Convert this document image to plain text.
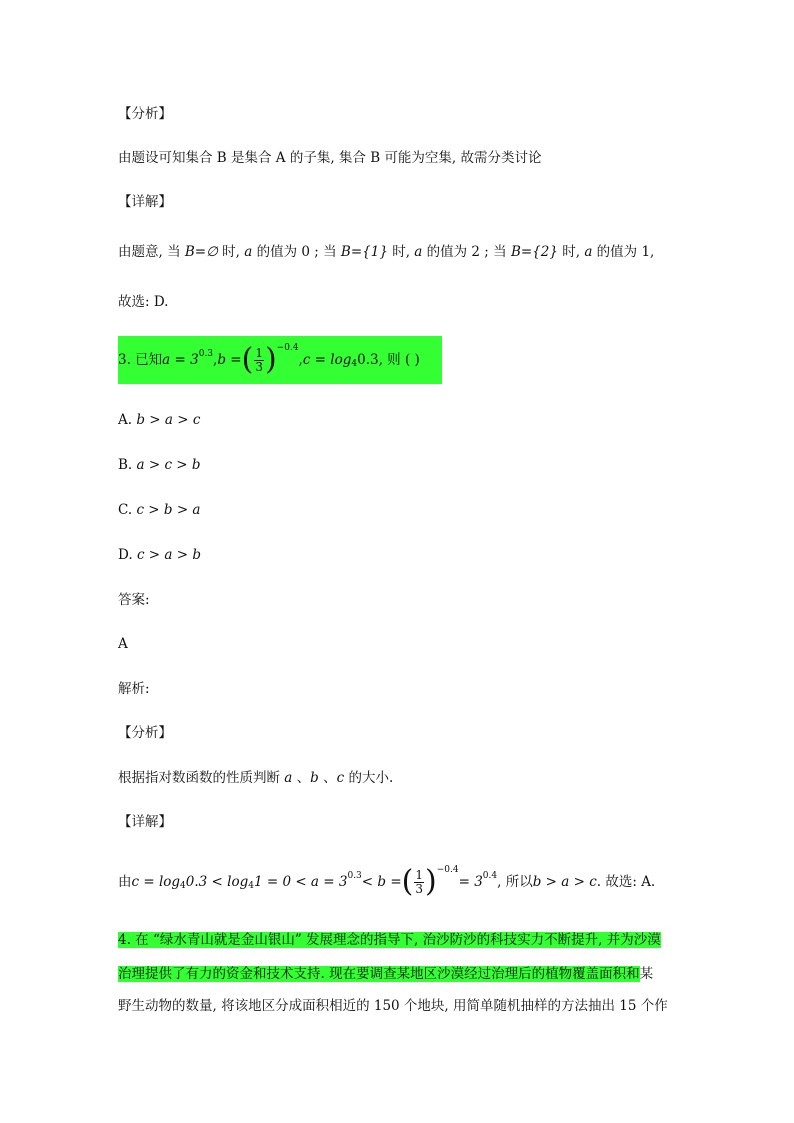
【分析】
由题设可知集合 B 是集合 A 的子集, 集合 B 可能为空集, 故需分类讨论
【详解】
由题意, 当 B=∅ 时, a 的值为 0 ; 当 B={1} 时, a 的值为 2 ; 当 B={2} 时, a 的值为 1,
故选: D.
3. 已知 $a = 3^{0.3}$ , b = ( $\frac{1}{3} )^{-0.4}$
, $c = \log_4 0.3$ , 则 ( )
A. b > a > c
B. a > c > b
C. c > b > a
D. c > a > b
答案:
A
解析:
【分析】
根据指对数函数的性质判断 a 、b 、c 的大小.
【详解】
由 $c = \log_4 0.3 < \log_4 1 = 0 < a = 3^{0.3} < b$ = ( $\frac{1}{3} )^{-0.4}$
= $3^{0.4}$ , 所以 b > a > c . 故选: A.
4. 在 “绿水青山就是金山银山” 发展理念的指导下, 治沙防沙的科技实力不断提升, 并为沙漠
治理提供了有力的资金和技术支持. 现在要调查某地区沙漠经过治理后的植物覆盖面积和某
野生动物的数量, 将该地区分成面积相近的 150 个地块, 用简单随机抽样的方法抽出 15 个作
